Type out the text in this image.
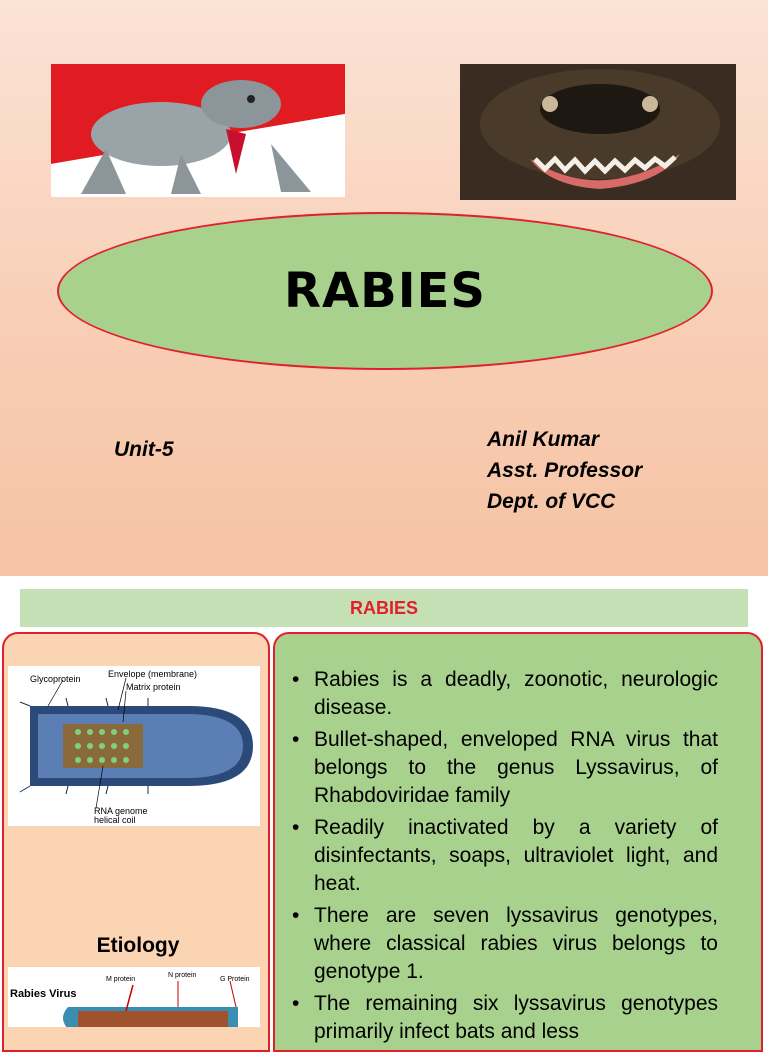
RABIES
Unit-5	Anil Kumar
Asst. Professor
Dept. of VCC
RABIES
Etiology
Glycoprotein	Envelope (membrane)
Matrix protein
RNA genome
helical coil
Rabies Virus
M protein
N protein
G Protein
• Rabies is a deadly, zoonotic, neurologic disease.
• Bullet-shaped, enveloped RNA virus that belongs to the genus Lyssavirus, of Rhabdoviridae family
• Readily inactivated by a variety of disinfectants, soaps, ultraviolet light, and heat.
• There are seven lyssavirus genotypes, where classical rabies virus belongs to genotype 1.
• The remaining six lyssavirus genotypes primarily infect bats and less
